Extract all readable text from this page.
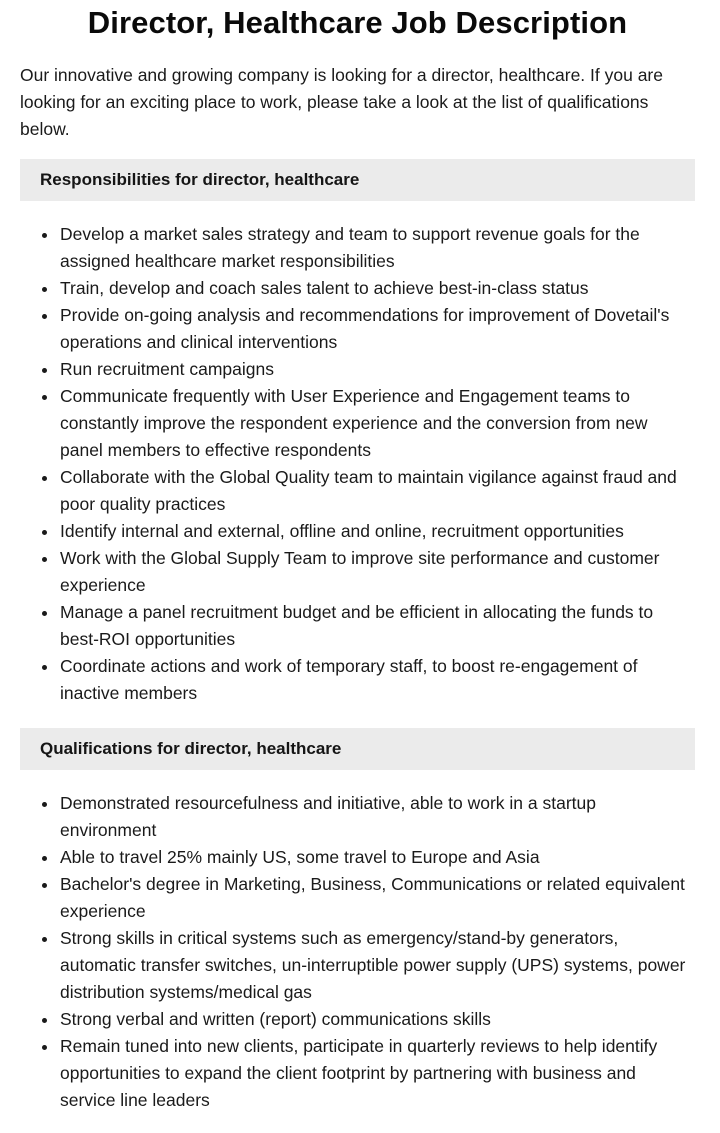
Director, Healthcare Job Description

Our innovative and growing company is looking for a director, healthcare. If you are looking for an exciting place to work, please take a look at the list of qualifications below.

Responsibilities for director, healthcare
Develop a market sales strategy and team to support revenue goals for the assigned healthcare market responsibilities
Train, develop and coach sales talent to achieve best-in-class status
Provide on-going analysis and recommendations for improvement of Dovetail's operations and clinical interventions
Run recruitment campaigns
Communicate frequently with User Experience and Engagement teams to constantly improve the respondent experience and the conversion from new panel members to effective respondents
Collaborate with the Global Quality team to maintain vigilance against fraud and poor quality practices
Identify internal and external, offline and online, recruitment opportunities
Work with the Global Supply Team to improve site performance and customer experience
Manage a panel recruitment budget and be efficient in allocating the funds to best-ROI opportunities
Coordinate actions and work of temporary staff, to boost re-engagement of inactive members
Qualifications for director, healthcare
Demonstrated resourcefulness and initiative, able to work in a startup environment
Able to travel 25% mainly US, some travel to Europe and Asia
Bachelor's degree in Marketing, Business, Communications or related equivalent experience
Strong skills in critical systems such as emergency/stand-by generators, automatic transfer switches, un-interruptible power supply (UPS) systems, power distribution systems/medical gas
Strong verbal and written (report) communications skills
Remain tuned into new clients, participate in quarterly reviews to help identify opportunities to expand the client footprint by partnering with business and service line leaders
